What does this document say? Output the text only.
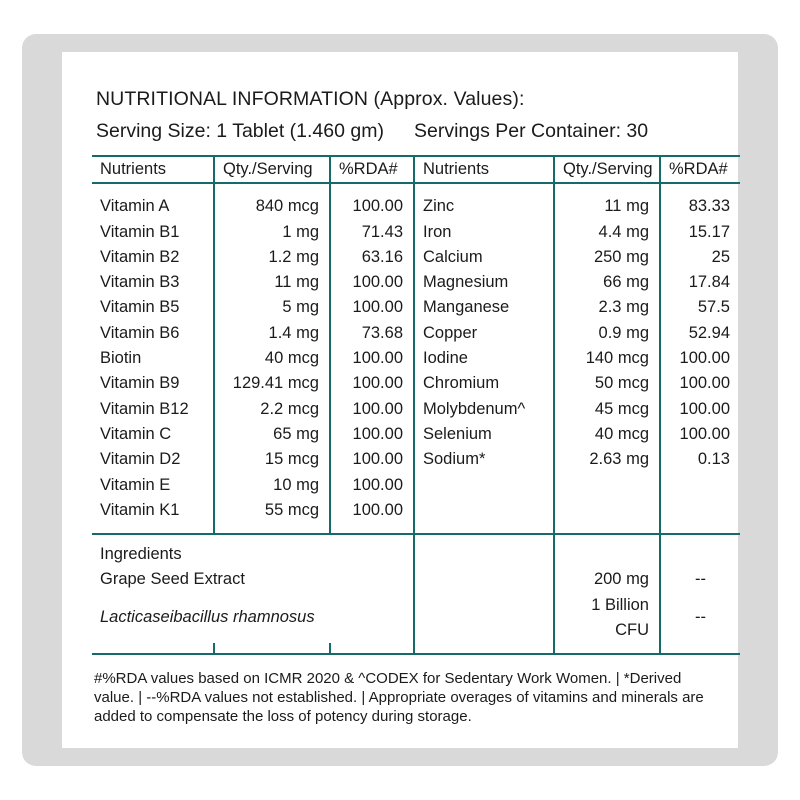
NUTRITIONAL INFORMATION (Approx. Values):
Serving Size: 1 Tablet (1.460 gm)	Servings Per Container: 30
Nutrients	Qty./Serving	%RDA#	Nutrients	Qty./Serving	%RDA#

Vitamin A	840 mcg	100.00	Zinc	11 mg	83.33
Vitamin B1	1 mg	71.43	Iron	4.4 mg	15.17
Vitamin B2	1.2 mg	63.16	Calcium	250 mg	25
Vitamin B3	11 mg	100.00	Magnesium	66 mg	17.84
Vitamin B5	5 mg	100.00	Manganese	2.3 mg	57.5
Vitamin B6	1.4 mg	73.68	Copper	0.9 mg	52.94
Biotin	40 mcg	100.00	Iodine	140 mcg	100.00
Vitamin B9	129.41 mcg	100.00	Chromium	50 mcg	100.00
Vitamin B12	2.2 mcg	100.00	Molybdenum^	45 mcg	100.00
Vitamin C	65 mg	100.00	Selenium	40 mcg	100.00
Vitamin D2	15 mcg	100.00	Sodium*	2.63 mg	0.13
Vitamin E	10 mg	100.00			
Vitamin K1	55 mcg	100.00			

Ingredients					
Grape Seed Extract				200 mg	--
Lacticaseibacillus rhamnosus				1 Billion CFU	--

#%RDA values based on ICMR 2020 & ^CODEX for Sedentary Work Women. | *Derived value. | --%RDA values not established. | Appropriate overages of vitamins and minerals are added to compensate the loss of potency during storage.
